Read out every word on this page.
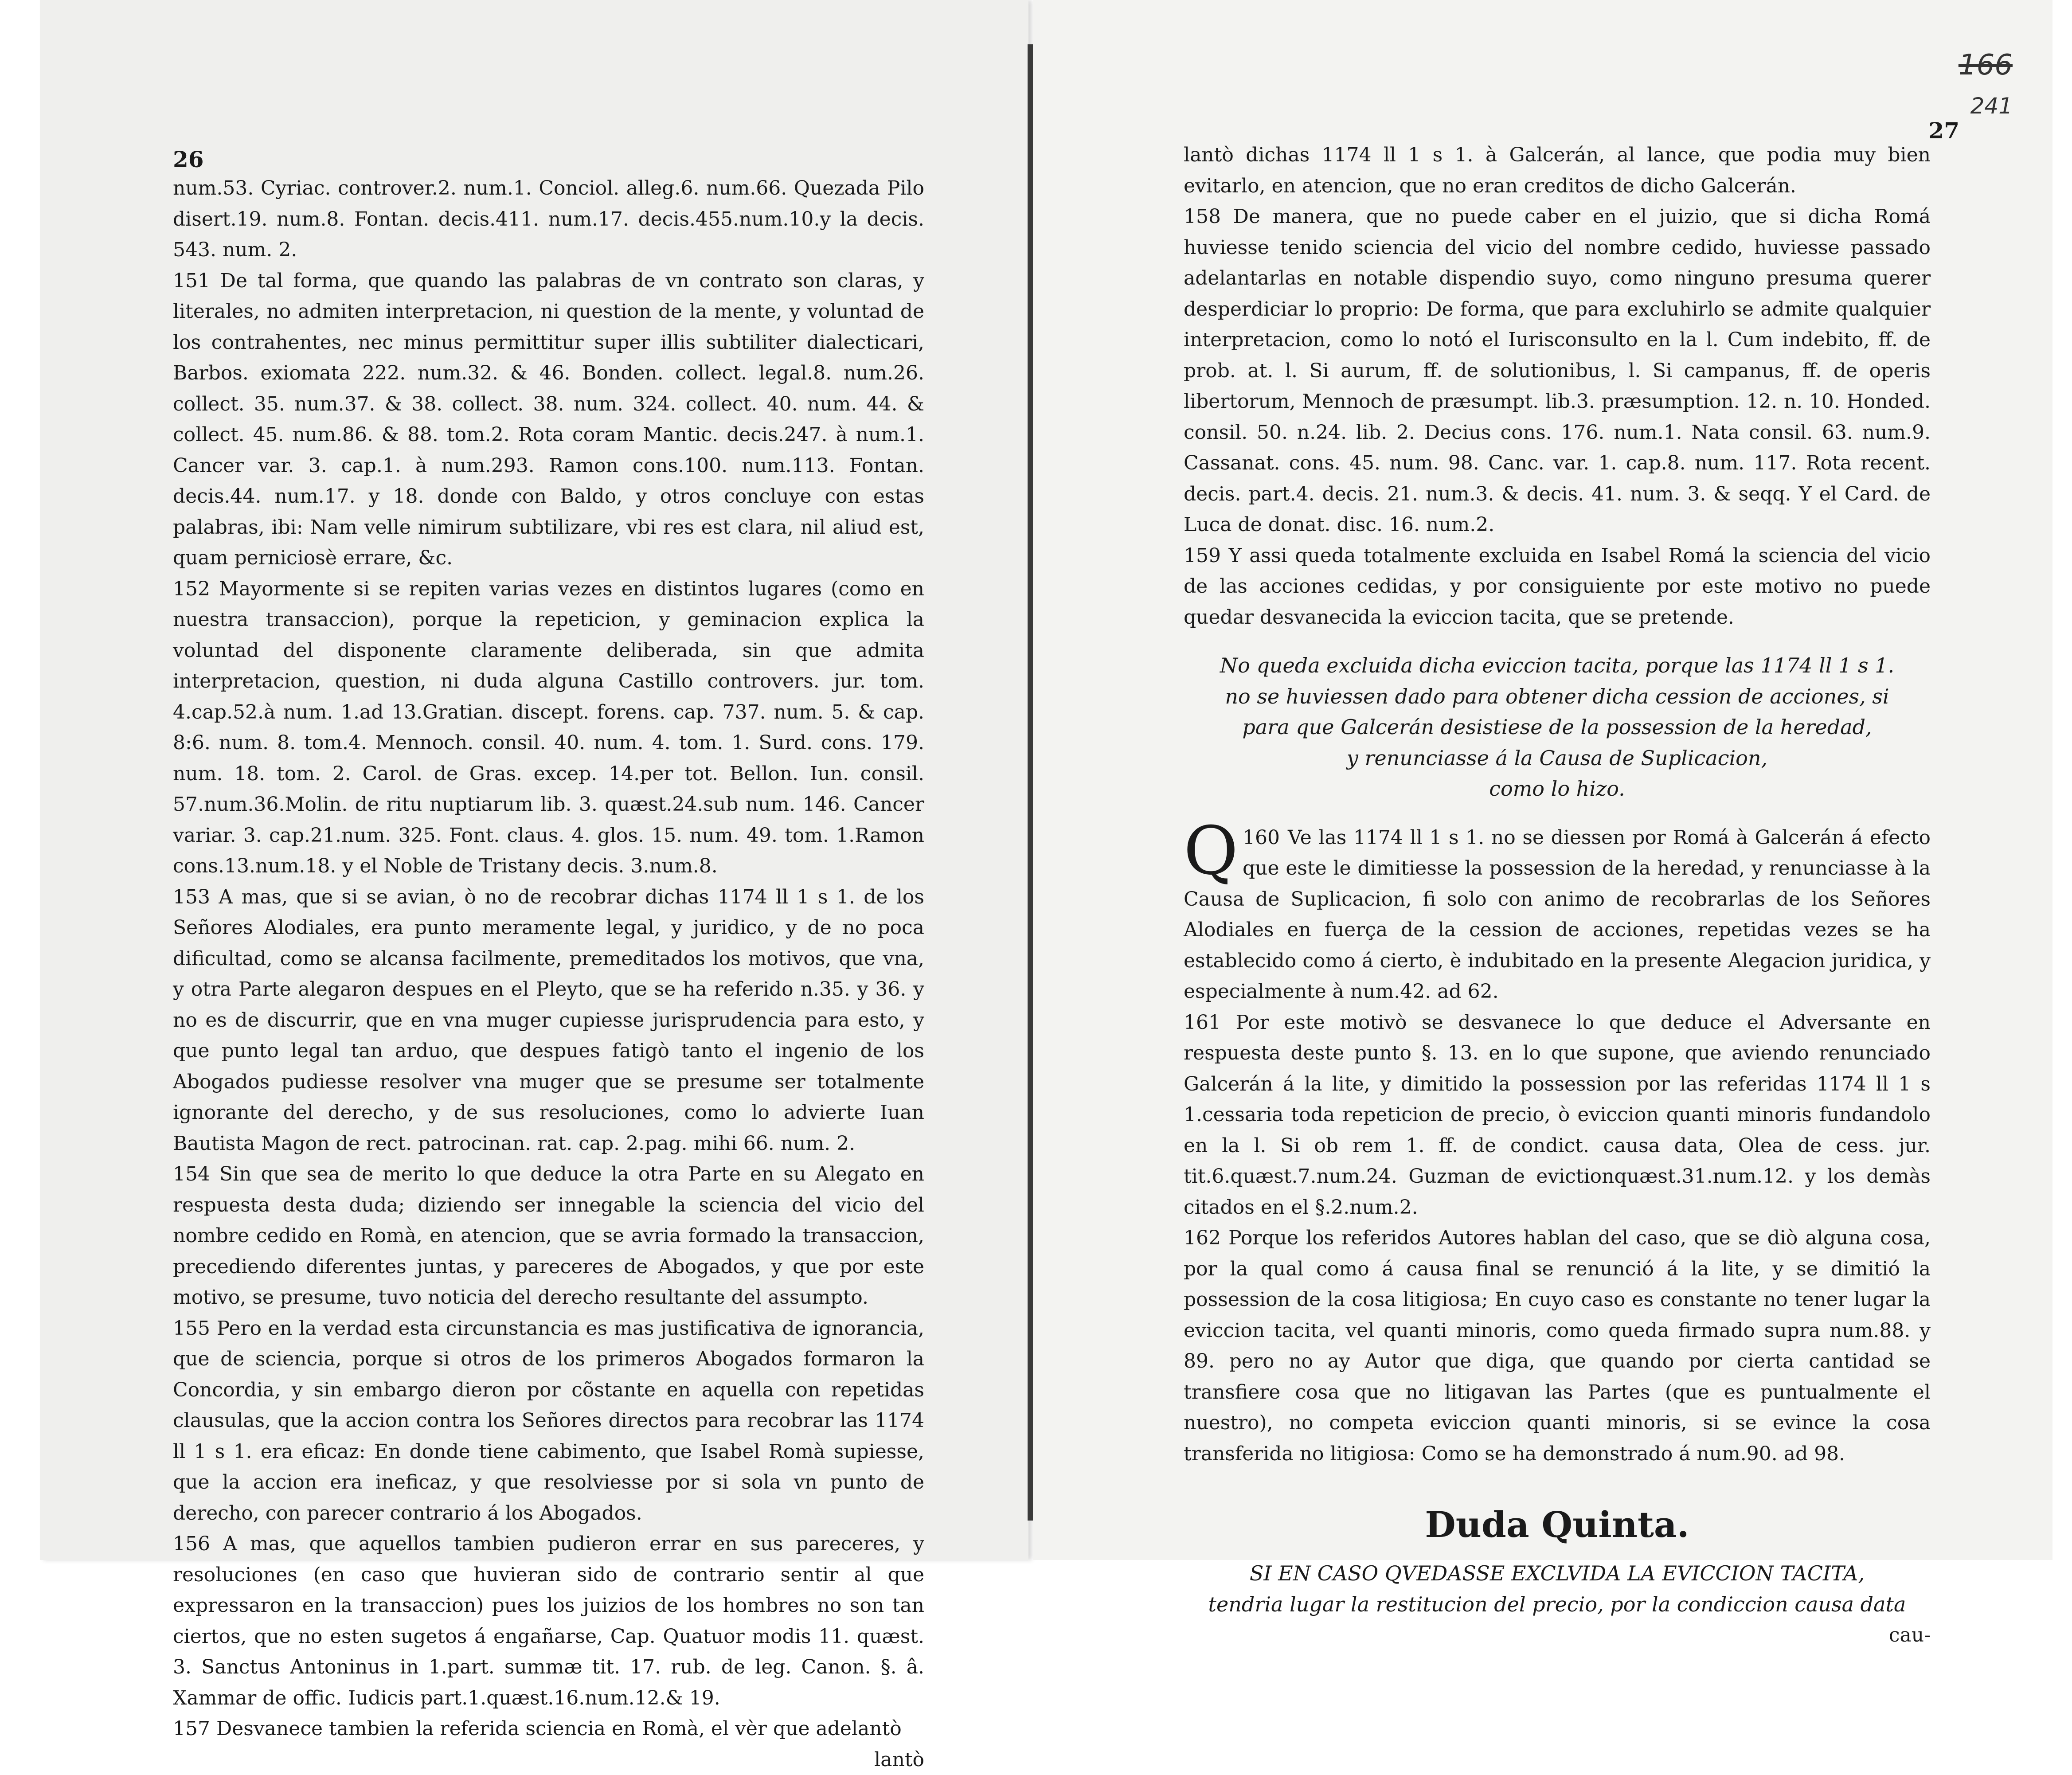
26

num.53. Cyriac. controver.2. num.1. Conciol. alleg.6. num.66. Quezada Pilo disert.19. num.8. Fontan. decis.411. num.17. decis.455.num.10.y la decis. 543. num. 2.

151 De tal forma, que quando las palabras de vn contrato son claras, y literales, no admiten interpretacion, ni question de la mente, y voluntad de los contrahentes, nec minus permittitur super illis subtiliter dialecticari, Barbos. exiomata 222. num.32. & 46. Bonden. collect. legal.8. num.26. collect. 35. num.37. & 38. collect. 38. num. 324. collect. 40. num. 44. & collect. 45. num.86. & 88. tom.2. Rota coram Mantic. decis.247. à num.1. Cancer var. 3. cap.1. à num.293. Ramon cons.100. num.113. Fontan. decis.44. num.17. y 18. donde con Baldo, y otros concluye con estas palabras, ibi: Nam velle nimirum subtilizare, vbi res est clara, nil aliud est, quam perniciosè errare, &c.

152 Mayormente si se repiten varias vezes en distintos lugares (como en nuestra transaccion), porque la repeticion, y geminacion explica la voluntad del disponente claramente deliberada, sin que admita interpretacion, question, ni duda alguna Castillo controvers. jur. tom. 4.cap.52.à num. 1.ad 13.Gratian. discept. forens. cap. 737. num. 5. & cap. 8:6. num. 8. tom.4. Mennoch. consil. 40. num. 4. tom. 1. Surd. cons. 179. num. 18. tom. 2. Carol. de Gras. excep. 14.per tot. Bellon. Iun. consil. 57.num.36.Molin. de ritu nuptiarum lib. 3. quæst.24.sub num. 146. Cancer variar. 3. cap.21.num. 325. Font. claus. 4. glos. 15. num. 49. tom. 1.Ramon cons.13.num.18. y el Noble de Tristany decis. 3.num.8.

153 A mas, que si se avian, ò no de recobrar dichas 1174 ll 1 s 1. de los Señores Alodiales, era punto meramente legal, y juridico, y de no poca dificultad, como se alcansa facilmente, premeditados los motivos, que vna, y otra Parte alegaron despues en el Pleyto, que se ha referido n.35. y 36. y no es de discurrir, que en vna muger cupiesse jurisprudencia para esto, y que punto legal tan arduo, que despues fatigò tanto el ingenio de los Abogados pudiesse resolver vna muger que se presume ser totalmente ignorante del derecho, y de sus resoluciones, como lo advierte Iuan Bautista Magon de rect. patrocinan. rat. cap. 2.pag. mihi 66. num. 2.

154 Sin que sea de merito lo que deduce la otra Parte en su Alegato en respuesta desta duda; diziendo ser innegable la sciencia del vicio del nombre cedido en Romà, en atencion, que se avria formado la transaccion, precediendo diferentes juntas, y pareceres de Abogados, y que por este motivo, se presume, tuvo noticia del derecho resultante del assumpto.

155 Pero en la verdad esta circunstancia es mas justificativa de ignorancia, que de sciencia, porque si otros de los primeros Abogados formaron la Concordia, y sin embargo dieron por cõstante en aquella con repetidas clausulas, que la accion contra los Señores directos para recobrar las 1174 ll 1 s 1. era eficaz: En donde tiene cabimento, que Isabel Romà supiesse, que la accion era ineficaz, y que resolviesse por si sola vn punto de derecho, con parecer contrario á los Abogados.

156 A mas, que aquellos tambien pudieron errar en sus pareceres, y resoluciones (en caso que huvieran sido de contrario sentir al que expressaron en la transaccion) pues los juizios de los hombres no son tan ciertos, que no esten sugetos á engañarse, Cap. Quatuor modis 11. quæst. 3. Sanctus Antoninus in 1.part. summæ tit. 17. rub. de leg. Canon. §. â. Xammar de offic. Iudicis part.1.quæst.16.num.12.& 19.

157 Desvanece tambien la referida sciencia en Romà, el vèr que adelantò

lantò
166
241
27

lantò dichas 1174 ll 1 s 1. à Galcerán, al lance, que podia muy bien evitarlo, en atencion, que no eran creditos de dicho Galcerán.

158 De manera, que no puede caber en el juizio, que si dicha Romá huviesse tenido sciencia del vicio del nombre cedido, huviesse passado adelantarlas en notable dispendio suyo, como ninguno presuma querer desperdiciar lo proprio: De forma, que para excluhirlo se admite qualquier interpretacion, como lo notó el Iurisconsulto en la l. Cum indebito, ff. de prob. at. l. Si aurum, ff. de solutionibus, l. Si campanus, ff. de operis libertorum, Mennoch de præsumpt. lib.3. præsumption. 12. n. 10. Honded. consil. 50. n.24. lib. 2. Decius cons. 176. num.1. Nata consil. 63. num.9. Cassanat. cons. 45. num. 98. Canc. var. 1. cap.8. num. 117. Rota recent. decis. part.4. decis. 21. num.3. & decis. 41. num. 3. & seqq. Y el Card. de Luca de donat. disc. 16. num.2.

159 Y assi queda totalmente excluida en Isabel Romá la sciencia del vicio de las acciones cedidas, y por consiguiente por este motivo no puede quedar desvanecida la eviccion tacita, que se pretende.

No queda excluida dicha eviccion tacita, porque las 1174 ll 1 s 1.
no se huviessen dado para obtener dicha cession de acciones, si
para que Galcerán desistiese de la possession de la heredad,
y renunciasse á la Causa de Suplicacion,
como lo hizo.

160
Q	Ve las 1174 ll 1 s 1. no se diessen por Romá à Galcerán á efecto que este le dimitiesse la possession de la heredad, y renunciasse à la Causa de Suplicacion, fi solo con animo de recobrarlas de los Señores Alodiales en fuerça de la cession de acciones, repetidas vezes se ha establecido como á cierto, è indubitado en la presente Alegacion juridica, y especialmente à num.42. ad 62.

161 Por este motivò se desvanece lo que deduce el Adversante en respuesta deste punto §. 13. en lo que supone, que aviendo renunciado Galcerán á la lite, y dimitido la possession por las referidas 1174 ll 1 s 1.cessaria toda repeticion de precio, ò eviccion quanti minoris fundandolo en la l. Si ob rem 1. ff. de condict. causa data, Olea de cess. jur. tit.6.quæst.7.num.24. Guzman de evictionquæst.31.num.12. y los demàs citados en el §.2.num.2.

162 Porque los referidos Autores hablan del caso, que se diò alguna cosa, por la qual como á causa final se renunció á la lite, y se dimitió la possession de la cosa litigiosa; En cuyo caso es constante no tener lugar la eviccion tacita, vel quanti minoris, como queda firmado supra num.88. y 89. pero no ay Autor que diga, que quando por cierta cantidad se transfiere cosa que no litigavan las Partes (que es puntualmente el nuestro), no competa eviccion quanti minoris, si se evince la cosa transferida no litigiosa: Como se ha demonstrado á num.90. ad 98.

Duda Quinta.
SI EN CASO QVEDASSE EXCLVIDA LA EVICCION TACITA,
tendria lugar la restitucion del precio, por la condiccion causa data
cau-
